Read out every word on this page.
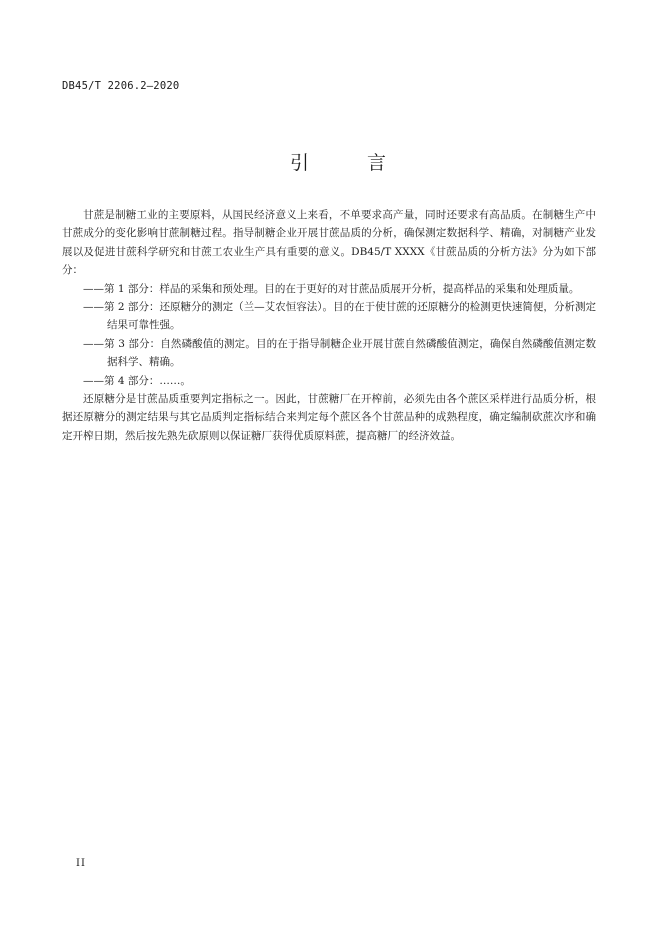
DB45/T 2206.2—2020
引 言

甘蔗是制糖工业的主要原料，从国民经济意义上来看，不单要求高产量，同时还要求有高品质。在制糖生产中甘蔗成分的变化影响甘蔗制糖过程。指导制糖企业开展甘蔗品质的分析，确保测定数据科学、精确，对制糖产业发展以及促进甘蔗科学研究和甘蔗工农业生产具有重要的意义。DB45/T XXXX《甘蔗品质的分析方法》分为如下部分：

——第 1 部分：样品的采集和预处理。目的在于更好的对甘蔗品质展开分析，提高样品的采集和处理质量。

——第 2 部分：还原糖分的测定（兰—艾农恒容法）。目的在于使甘蔗的还原糖分的检测更快速简便，分析测定结果可靠性强。

——第 3 部分：自然磷酸值的测定。目的在于指导制糖企业开展甘蔗自然磷酸值测定，确保自然磷酸值测定数据科学、精确。

——第 4 部分：……。

还原糖分是甘蔗品质重要判定指标之一。因此，甘蔗糖厂在开榨前，必须先由各个蔗区采样进行品质分析，根据还原糖分的测定结果与其它品质判定指标结合来判定每个蔗区各个甘蔗品种的成熟程度，确定编制砍蔗次序和确定开榨日期，然后按先熟先砍原则以保证糖厂获得优质原料蔗，提高糖厂的经济效益。

II
